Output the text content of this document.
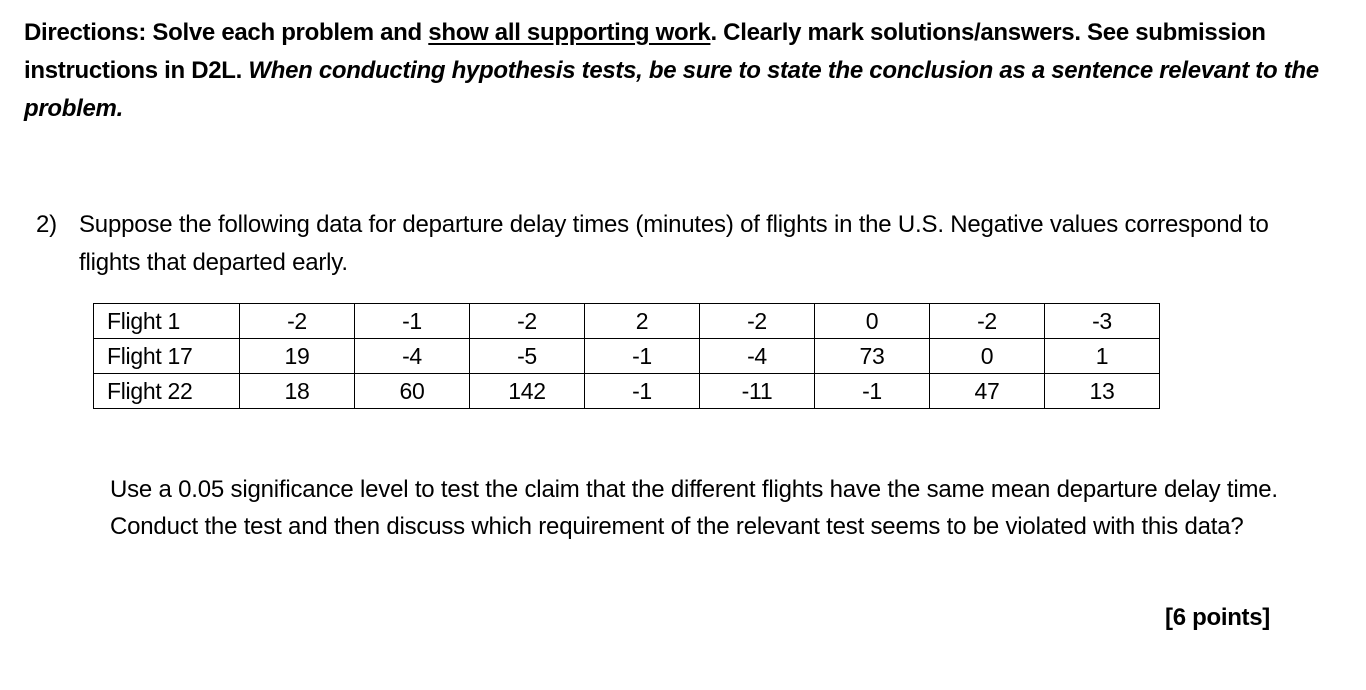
Directions: Solve each problem and show all supporting work. Clearly mark solutions/answers. See submission instructions in D2L. When conducting hypothesis tests, be sure to state the conclusion as a sentence relevant to the problem.
2) Suppose the following data for departure delay times (minutes) of flights in the U.S. Negative values correspond to flights that departed early.
Flight 1	-2	-1	-2	2	-2	0	-2	-3
Flight 17	19	-4	-5	-1	-4	73	0	1
Flight 22	18	60	142	-1	-11	-1	47	13
Use a 0.05 significance level to test the claim that the different flights have the same mean departure delay time. Conduct the test and then discuss which requirement of the relevant test seems to be violated with this data?
[6 points]
